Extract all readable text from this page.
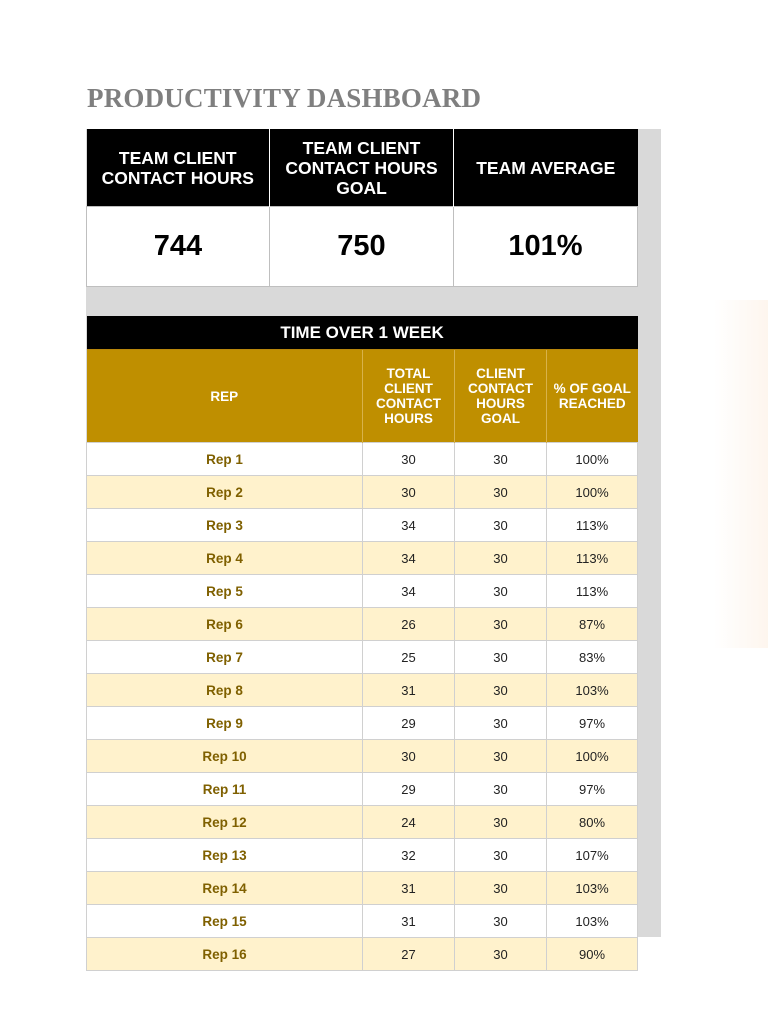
PRODUCTIVITY DASHBOARD
TEAM CLIENT CONTACT HOURS	TEAM CLIENT CONTACT HOURS GOAL	TEAM AVERAGE
744	750	101%
TIME OVER 1 WEEK			
REP	TOTAL CLIENT CONTACT HOURS	CLIENT CONTACT HOURS GOAL	% OF GOAL REACHED
Rep 1	30	30	100%
Rep 2	30	30	100%
Rep 3	34	30	113%
Rep 4	34	30	113%
Rep 5	34	30	113%
Rep 6	26	30	87%
Rep 7	25	30	83%
Rep 8	31	30	103%
Rep 9	29	30	97%
Rep 10	30	30	100%
Rep 11	29	30	97%
Rep 12	24	30	80%
Rep 13	32	30	107%
Rep 14	31	30	103%
Rep 15	31	30	103%
Rep 16	27	30	90%
